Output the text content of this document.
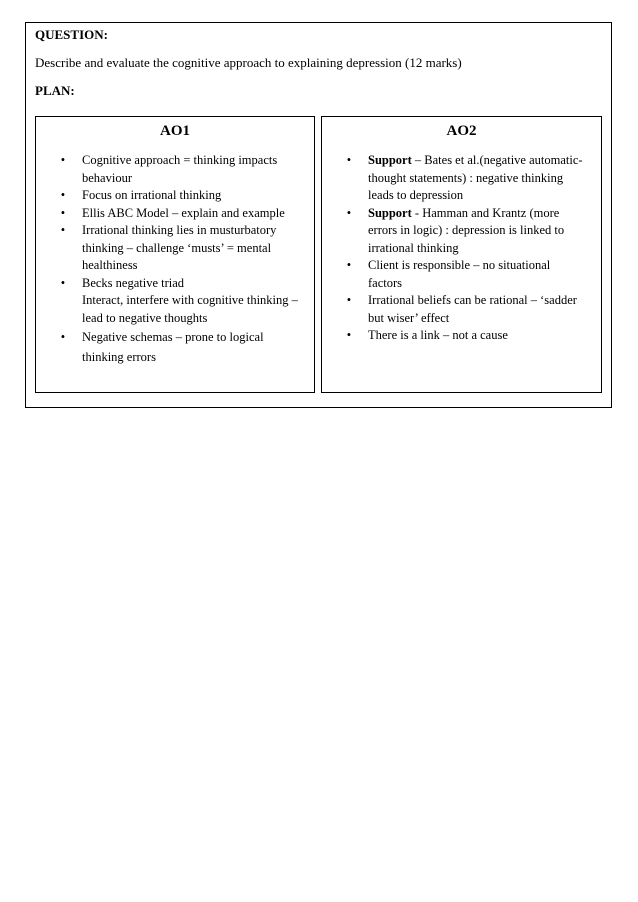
QUESTION:
Describe and evaluate the cognitive approach to explaining depression (12 marks)
PLAN:
AO1
• Cognitive approach = thinking impacts
behaviour
• Focus on irrational thinking
• Ellis ABC Model – explain and example
• Irrational thinking lies in musturbatory
thinking – challenge ‘musts’ = mental
healthiness
• Becks negative triad
Interact, interfere with cognitive thinking –
lead to negative thoughts
• Negative schemas – prone to logical
thinking errors
AO2
• Support – Bates et al.(negative automatic-
thought statements) : negative thinking
leads to depression
• Support - Hamman and Krantz (more
errors in logic) : depression is linked to
irrational thinking
• Client is responsible – no situational
factors
• Irrational beliefs can be rational – ‘sadder
but wiser’ effect
• There is a link – not a cause
